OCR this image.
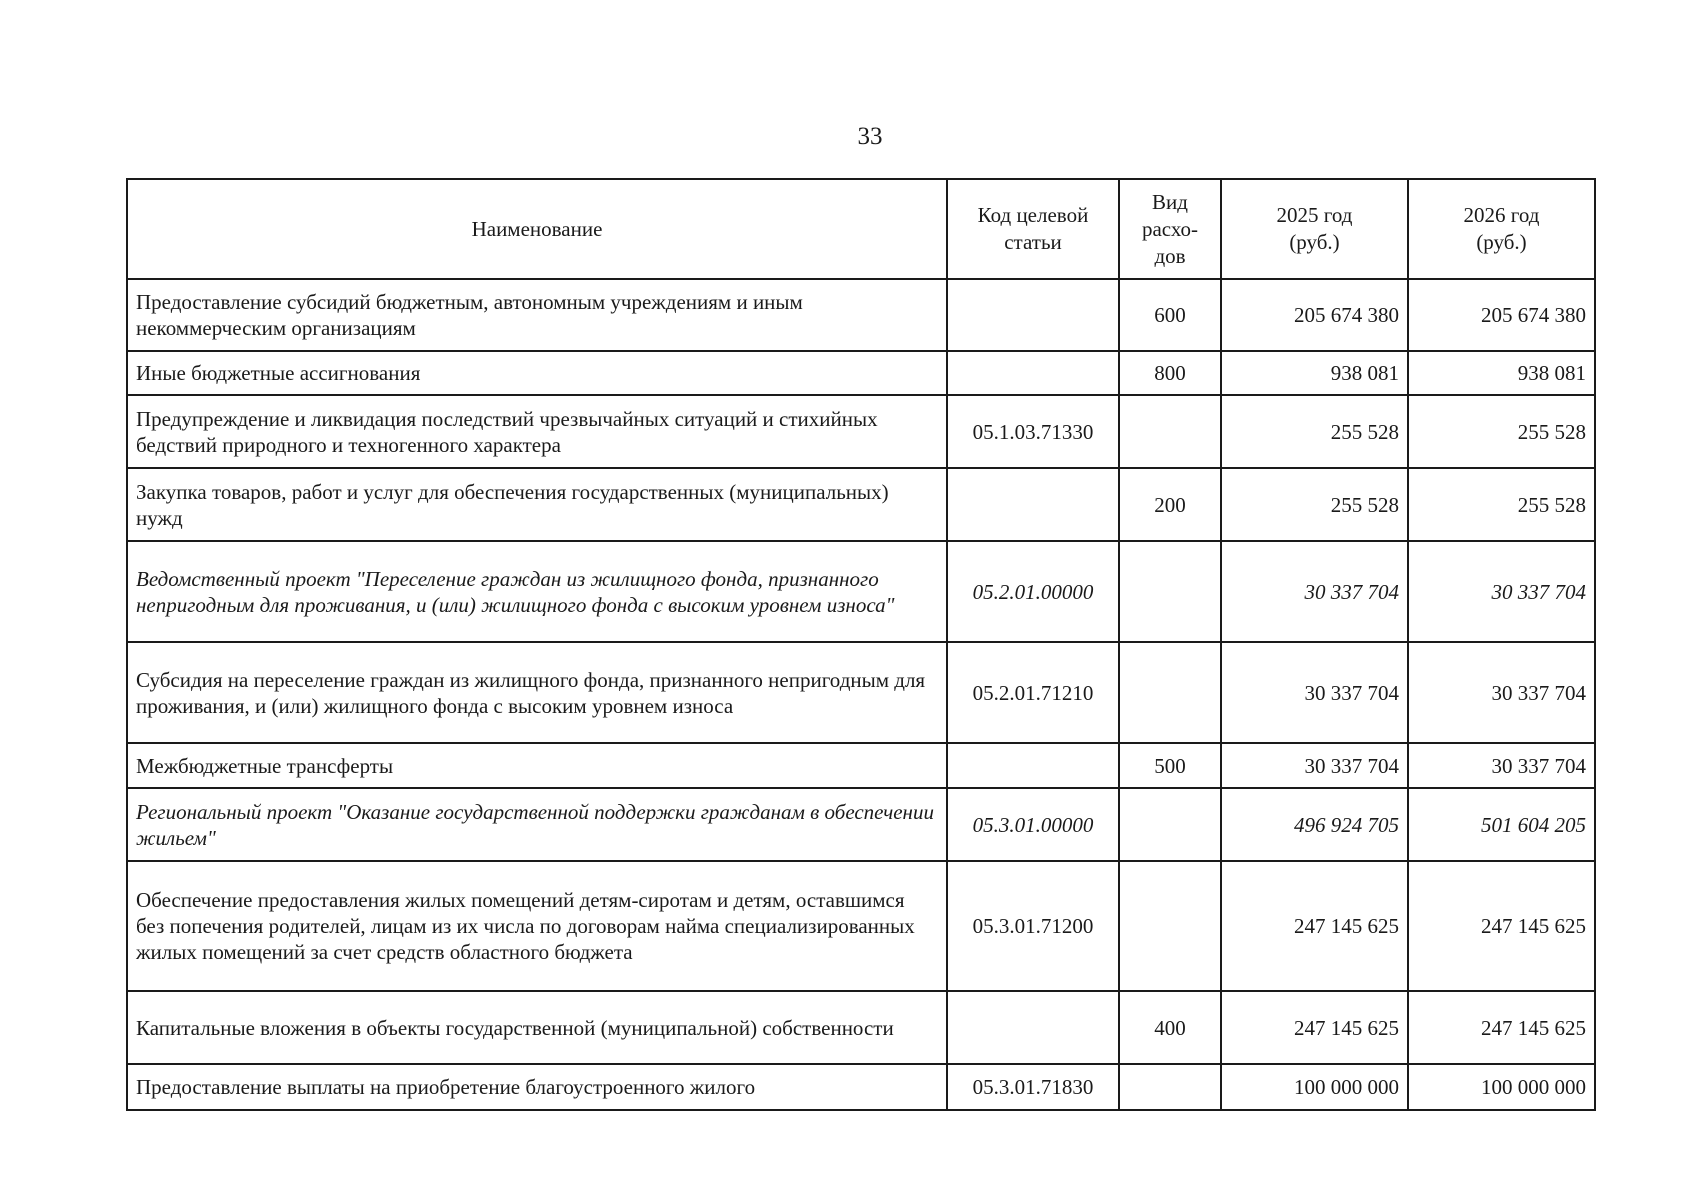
33
Наименование	Код целевой статьи	Вид расхо-дов	2025 год (руб.)	2026 год (руб.)

Предоставление субсидий бюджетным, автономным учреждениям и иным некоммерческим организациям		600	205 674 380	205 674 380
Иные бюджетные ассигнования		800	938 081	938 081
Предупреждение и ликвидация последствий чрезвычайных ситуаций и стихийных бедствий природного и техногенного характера	05.1.03.71330		255 528	255 528
Закупка товаров, работ и услуг для обеспечения государственных (муниципальных) нужд		200	255 528	255 528
Ведомственный проект "Переселение граждан из жилищного фонда, признанного непригодным для проживания, и (или) жилищного фонда с высоким уровнем износа"	05.2.01.00000		30 337 704	30 337 704
Субсидия на переселение граждан из жилищного фонда, признанного непригодным для проживания, и (или) жилищного фонда с высоким уровнем износа	05.2.01.71210		30 337 704	30 337 704
Межбюджетные трансферты		500	30 337 704	30 337 704
Региональный проект "Оказание государственной поддержки гражданам в обеспечении жильем"	05.3.01.00000		496 924 705	501 604 205
Обеспечение предоставления жилых помещений детям-сиротам и детям, оставшимся без попечения родителей, лицам из их числа по договорам найма специализированных жилых помещений за счет средств областного бюджета	05.3.01.71200		247 145 625	247 145 625
Капитальные вложения в объекты государственной (муниципальной) собственности		400	247 145 625	247 145 625
Предоставление выплаты на приобретение благоустроенного жилого	05.3.01.71830		100 000 000	100 000 000
